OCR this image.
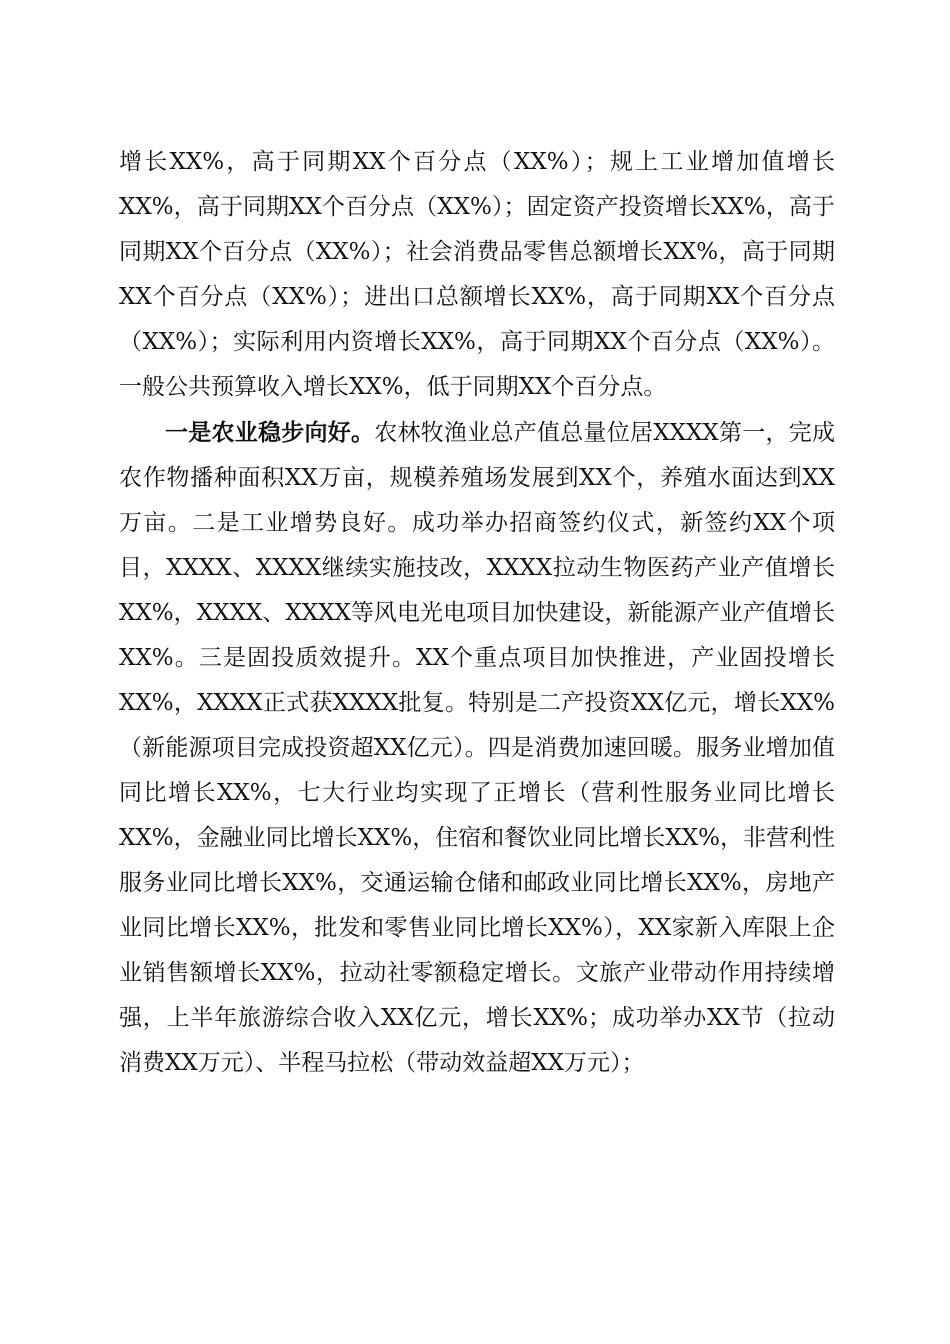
增长XX%，高于同期XX个百分点（XX%）；规上工业增加值增长XX%，高于同期XX个百分点（XX%）；固定资产投资增长XX%，高于同期XX个百分点（XX%）；社会消费品零售总额增长XX%，高于同期XX个百分点（XX%）；进出口总额增长XX%，高于同期XX个百分点（XX%）；实际利用内资增长XX%，高于同期XX个百分点（XX%）。一般公共预算收入增长XX%，低于同期XX个百分点。

一是农业稳步向好。农林牧渔业总产值总量位居XXXX第一，完成农作物播种面积XX万亩，规模养殖场发展到XX个，养殖水面达到XX万亩。二是工业增势良好。成功举办招商签约仪式，新签约XX个项目，XXXX、XXXX继续实施技改，XXXX拉动生物医药产业产值增长XX%，XXXX、XXXX等风电光电项目加快建设，新能源产业产值增长XX%。三是固投质效提升。XX个重点项目加快推进，产业固投增长XX%，XXXX正式获XXXX批复。特别是二产投资XX亿元，增长XX%（新能源项目完成投资超XX亿元）。四是消费加速回暖。服务业增加值同比增长XX%，七大行业均实现了正增长（营利性服务业同比增长XX%，金融业同比增长XX%，住宿和餐饮业同比增长XX%，非营利性服务业同比增长XX%，交通运输仓储和邮政业同比增长XX%，房地产业同比增长XX%，批发和零售业同比增长XX%），XX家新入库限上企业销售额增长XX%，拉动社零额稳定增长。文旅产业带动作用持续增强，上半年旅游综合收入XX亿元，增长XX%；成功举办XX节（拉动消费XX万元）、半程马拉松（带动效益超XX万元）；
